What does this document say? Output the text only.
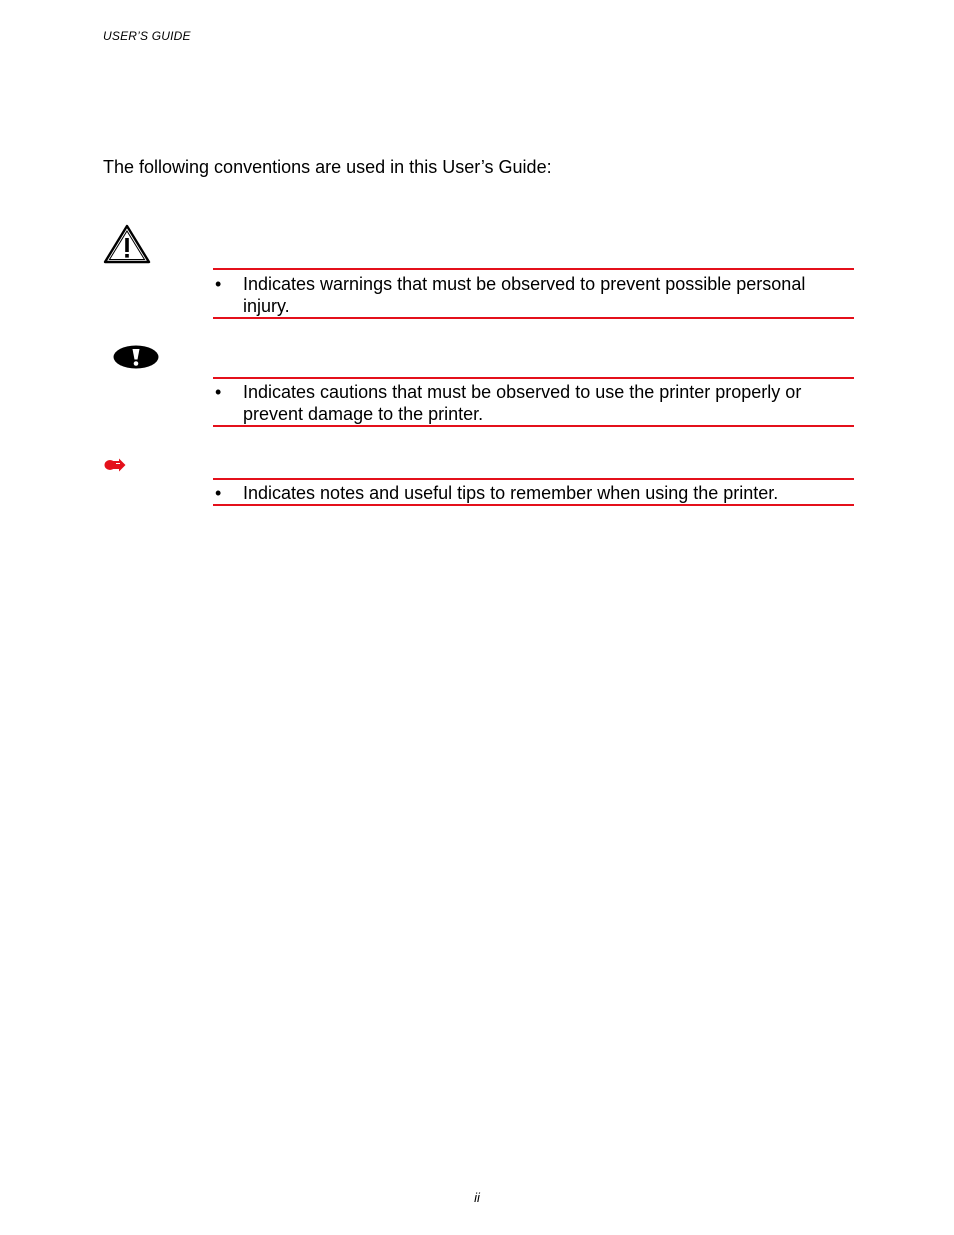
USER’S GUIDE
The following conventions are used in this User’s Guide:
•	Indicates warnings that must be observed to prevent possible personal injury.
•	Indicates cautions that must be observed to use the printer properly or prevent damage to the printer.
•	Indicates notes and useful tips to remember when using the printer.
ii
